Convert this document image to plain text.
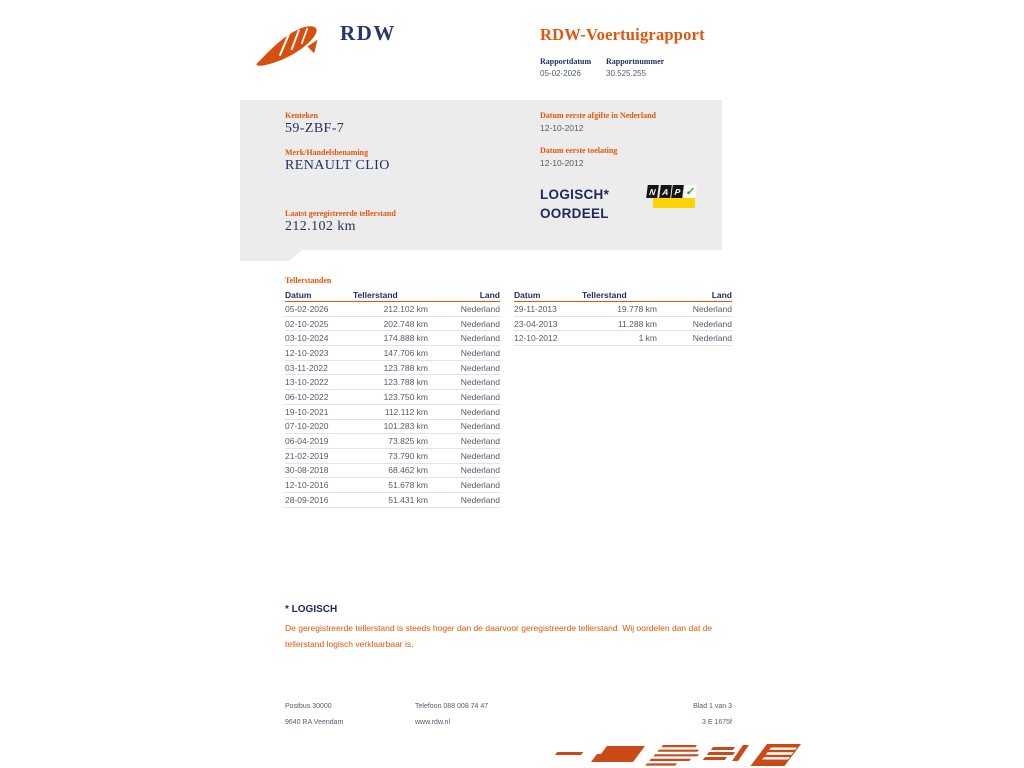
RDW	RDW-Voertuigrapport
Rapportdatum Rapportnummer
05-02-2026	30.525.255
Kenteken
59-ZBF-7
Merk/Handelsbenaming
RENAULT CLIO
Laatst geregistreerde tellerstand
212.102 km
Datum eerste afgifte in Nederland
12-10-2012
Datum eerste toelating
12-10-2012
LOGISCH*
OORDEEL
N A P ✓
Tellerstanden
Datum	Tellerstand	Land
05-02-2026	212.102 km	Nederland
02-10-2025	202.748 km	Nederland
03-10-2024	174.888 km	Nederland
12-10-2023	147.706 km	Nederland
03-11-2022	123.788 km	Nederland
13-10-2022	123.788 km	Nederland
06-10-2022	123.750 km	Nederland
19-10-2021	112.112 km	Nederland
07-10-2020	101.283 km	Nederland
06-04-2019	73.825 km	Nederland
21-02-2019	73.790 km	Nederland
30-08-2018	68.462 km	Nederland
12-10-2016	51.678 km	Nederland
28-09-2016	51.431 km	Nederland
Datum	Tellerstand	Land
29-11-2013	19.778 km	Nederland
23-04-2013	11.288 km	Nederland
12-10-2012	1 km	Nederland
* LOGISCH
De geregistreerde tellerstand is steeds hoger dan de daarvoor geregistreerde tellerstand. Wij oordelen dan dat de tellerstand logisch verklaarbaar is.
Postbus 30000
9640 RA Veendam
Telefoon 088 008 74 47
www.rdw.nl
Blad 1 van 3
3 E 1675f
